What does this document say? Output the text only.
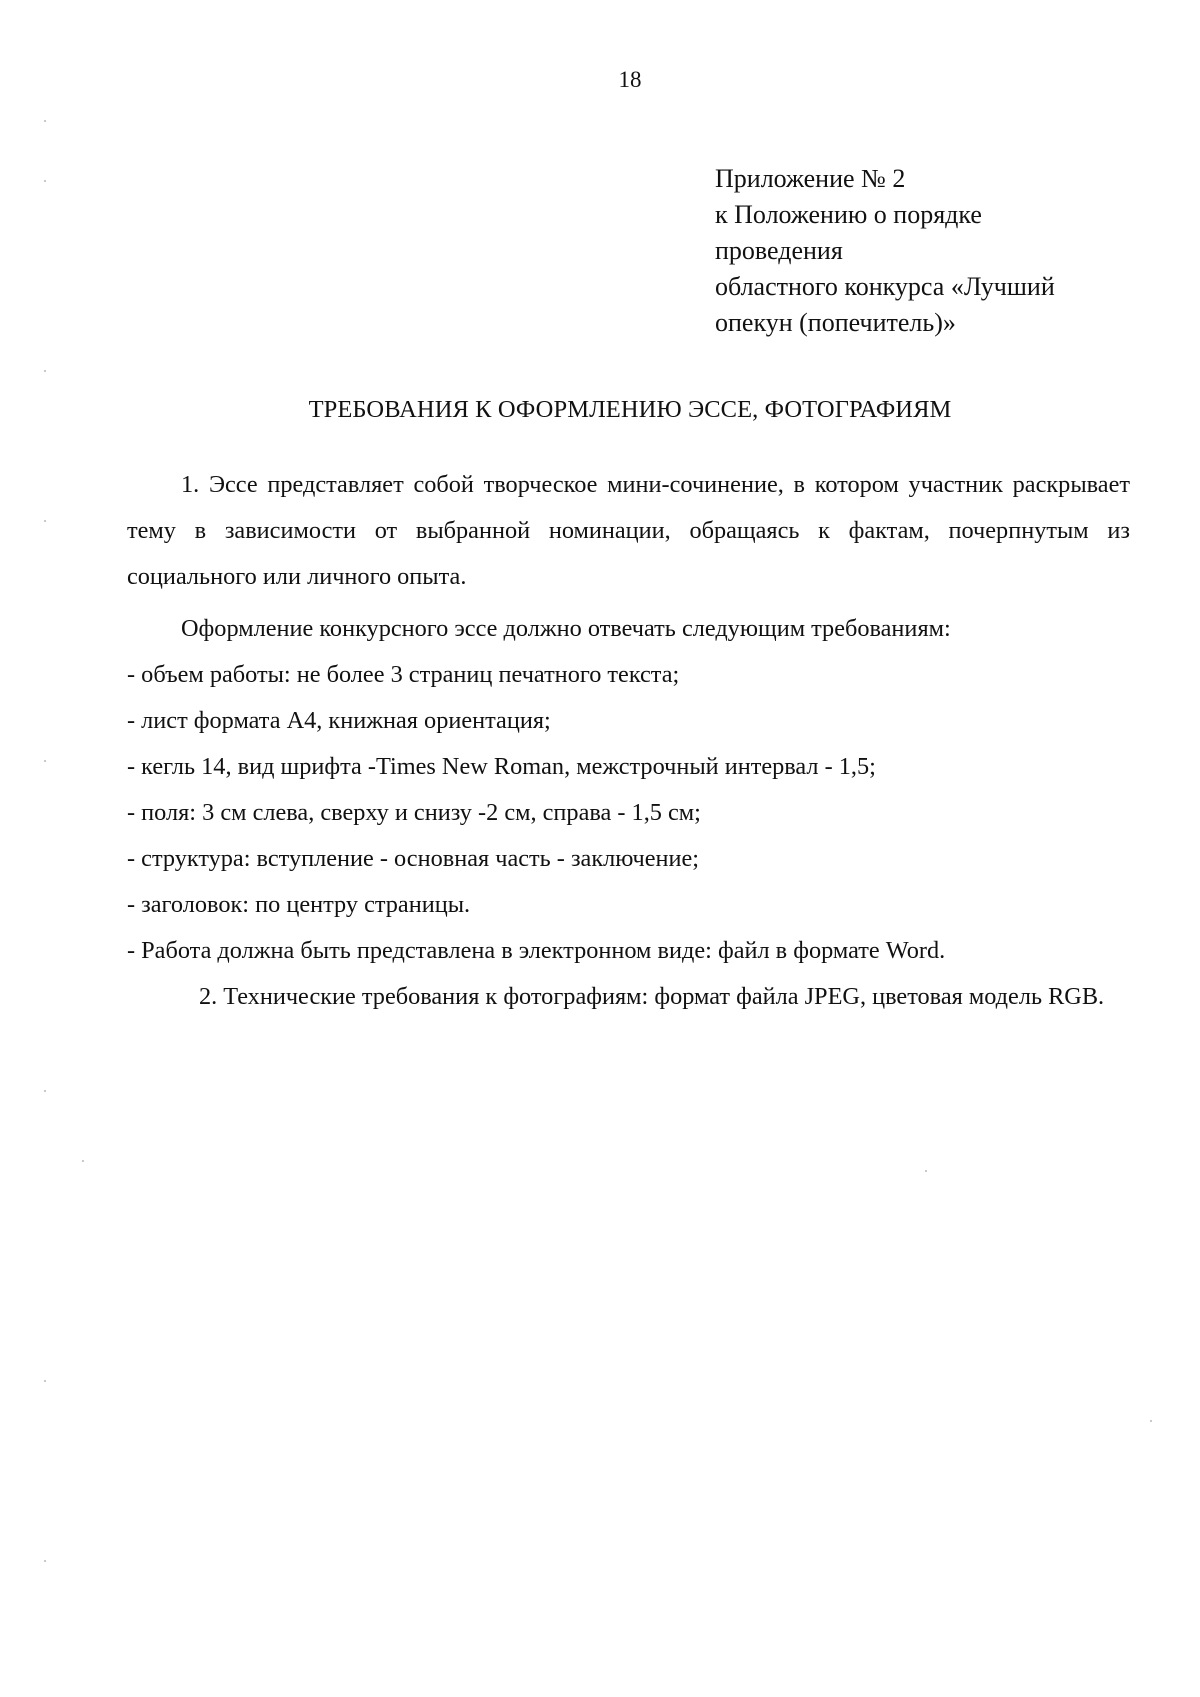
18
Приложение № 2
к Положению о порядке
проведения
областного конкурса «Лучший
опекун (попечитель)»
ТРЕБОВАНИЯ К ОФОРМЛЕНИЮ ЭССЕ, ФОТОГРАФИЯМ

1. Эссе представляет собой творческое мини-сочинение, в котором участник раскрывает тему в зависимости от выбранной номинации, обращаясь к фактам, почерпнутым из социального или личного опыта.

Оформление конкурсного эссе должно отвечать следующим требованиям:

- объем работы: не более 3 страниц печатного текста;

- лист формата А4, книжная ориентация;

- кегль 14, вид шрифта -Times New Roman, межстрочный интервал - 1,5;

- поля: 3 см слева, сверху и снизу -2 см, справа - 1,5 см;

- структура: вступление - основная часть - заключение;

- заголовок: по центру страницы.

- Работа должна быть представлена в электронном виде: файл в формате Word.

2. Технические требования к фотографиям: формат файла JPEG, цветовая модель RGB.
